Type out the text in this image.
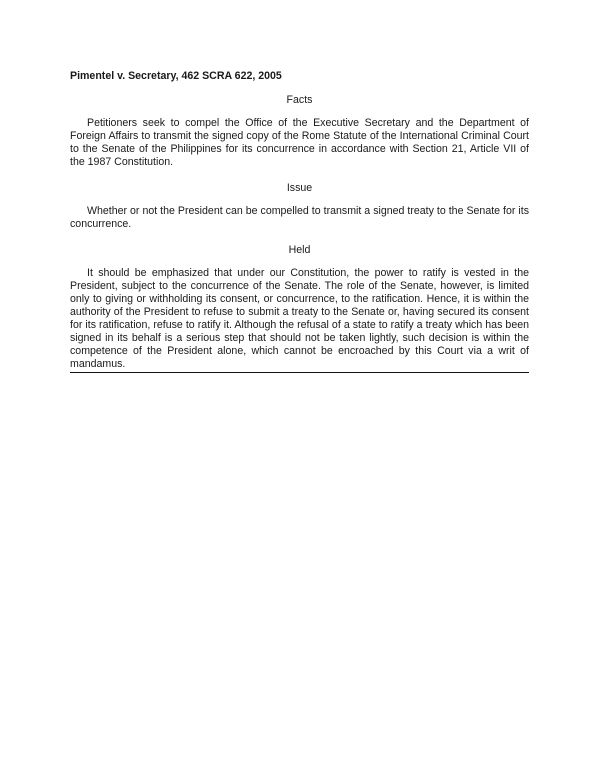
Pimentel v. Secretary, 462 SCRA 622, 2005
Facts
Petitioners seek to compel the Office of the Executive Secretary and the Department of Foreign Affairs to transmit the signed copy of the Rome Statute of the International Criminal Court to the Senate of the Philippines for its concurrence in accordance with Section 21, Article VII of the 1987 Constitution.
Issue
Whether or not the President can be compelled to transmit a signed treaty to the Senate for its concurrence.
Held
It should be emphasized that under our Constitution, the power to ratify is vested in the President, subject to the concurrence of the Senate. The role of the Senate, however, is limited only to giving or withholding its consent, or concurrence, to the ratification. Hence, it is within the authority of the President to refuse to submit a treaty to the Senate or, having secured its consent for its ratification, refuse to ratify it. Although the refusal of a state to ratify a treaty which has been signed in its behalf is a serious step that should not be taken lightly, such decision is within the competence of the President alone, which cannot be encroached by this Court via a writ of mandamus.
